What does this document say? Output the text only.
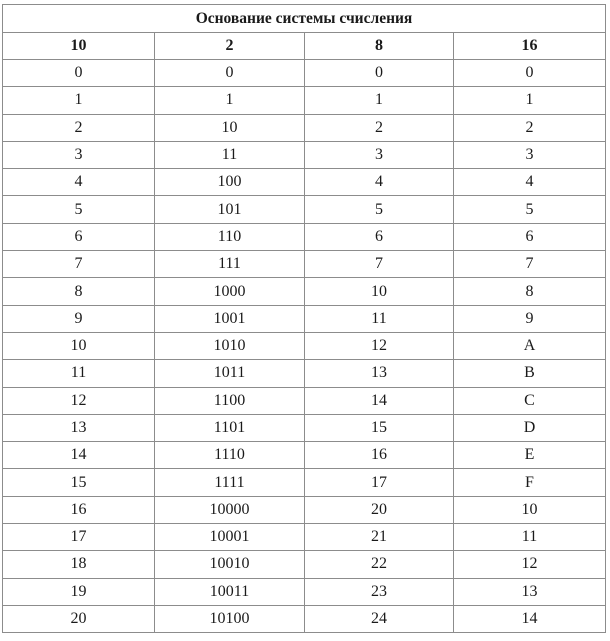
Основание системы счисления			
10	2	8	16
0	0	0	0
1	1	1	1
2	10	2	2
3	11	3	3
4	100	4	4
5	101	5	5
6	110	6	6
7	111	7	7
8	1000	10	8
9	1001	11	9
10	1010	12	A
11	1011	13	B
12	1100	14	C
13	1101	15	D
14	1110	16	E
15	1111	17	F
16	10000	20	10
17	10001	21	11
18	10010	22	12
19	10011	23	13
20	10100	24	14
